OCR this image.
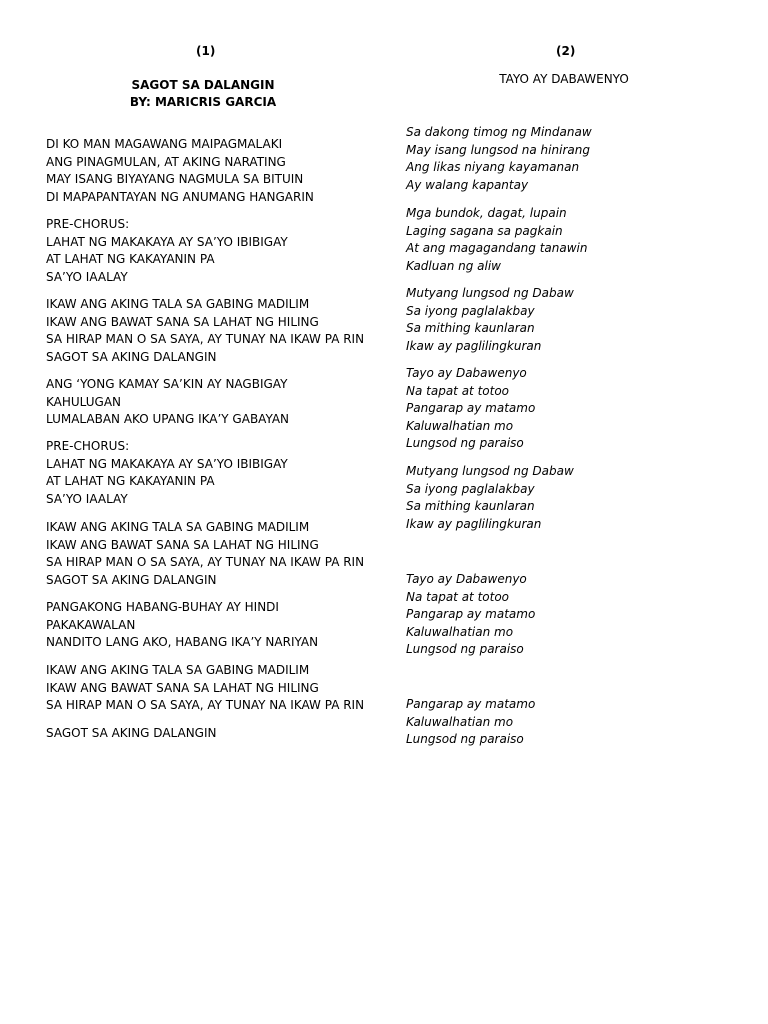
(1)
SAGOT SA DALANGIN
BY: MARICRIS GARCIA
DI KO MAN MAGAWANG MAIPAGMALAKI
ANG PINAGMULAN, AT AKING NARATING
MAY ISANG BIYAYANG NAGMULA SA BITUIN
DI MAPAPANTAYAN NG ANUMANG HANGARIN
PRE-CHORUS:
LAHAT NG MAKAKAYA AY SA’YO IBIBIGAY
AT LAHAT NG KAKAYANIN PA
SA’YO IAALAY
IKAW ANG AKING TALA SA GABING MADILIM
IKAW ANG BAWAT SANA SA LAHAT NG HILING
SA HIRAP MAN O SA SAYA, AY TUNAY NA IKAW PA RIN
SAGOT SA AKING DALANGIN
ANG ‘YONG KAMAY SA’KIN AY NAGBIGAY
KAHULUGAN
LUMALABAN AKO UPANG IKA’Y GABAYAN
PRE-CHORUS:
LAHAT NG MAKAKAYA AY SA’YO IBIBIGAY
AT LAHAT NG KAKAYANIN PA
SA’YO IAALAY
IKAW ANG AKING TALA SA GABING MADILIM
IKAW ANG BAWAT SANA SA LAHAT NG HILING
SA HIRAP MAN O SA SAYA, AY TUNAY NA IKAW PA RIN
SAGOT SA AKING DALANGIN
PANGAKONG HABANG-BUHAY AY HINDI
PAKAKAWALAN
NANDITO LANG AKO, HABANG IKA’Y NARIYAN
IKAW ANG AKING TALA SA GABING MADILIM
IKAW ANG BAWAT SANA SA LAHAT NG HILING
SA HIRAP MAN O SA SAYA, AY TUNAY NA IKAW PA RIN
SAGOT SA AKING DALANGIN
(2)
TAYO AY DABAWENYO
Sa dakong timog ng Mindanaw
May isang lungsod na hinirang
Ang likas niyang kayamanan
Ay walang kapantay
Mga bundok, dagat, lupain
Laging sagana sa pagkain
At ang magagandang tanawin
Kadluan ng aliw
Mutyang lungsod ng Dabaw
Sa iyong paglalakbay
Sa mithing kaunlaran
Ikaw ay paglilingkuran
Tayo ay Dabawenyo
Na tapat at totoo
Pangarap ay matamo
Kaluwalhatian mo
Lungsod ng paraiso
Mutyang lungsod ng Dabaw
Sa iyong paglalakbay
Sa mithing kaunlaran
Ikaw ay paglilingkuran
Tayo ay Dabawenyo
Na tapat at totoo
Pangarap ay matamo
Kaluwalhatian mo
Lungsod ng paraiso
Pangarap ay matamo
Kaluwalhatian mo
Lungsod ng paraiso
